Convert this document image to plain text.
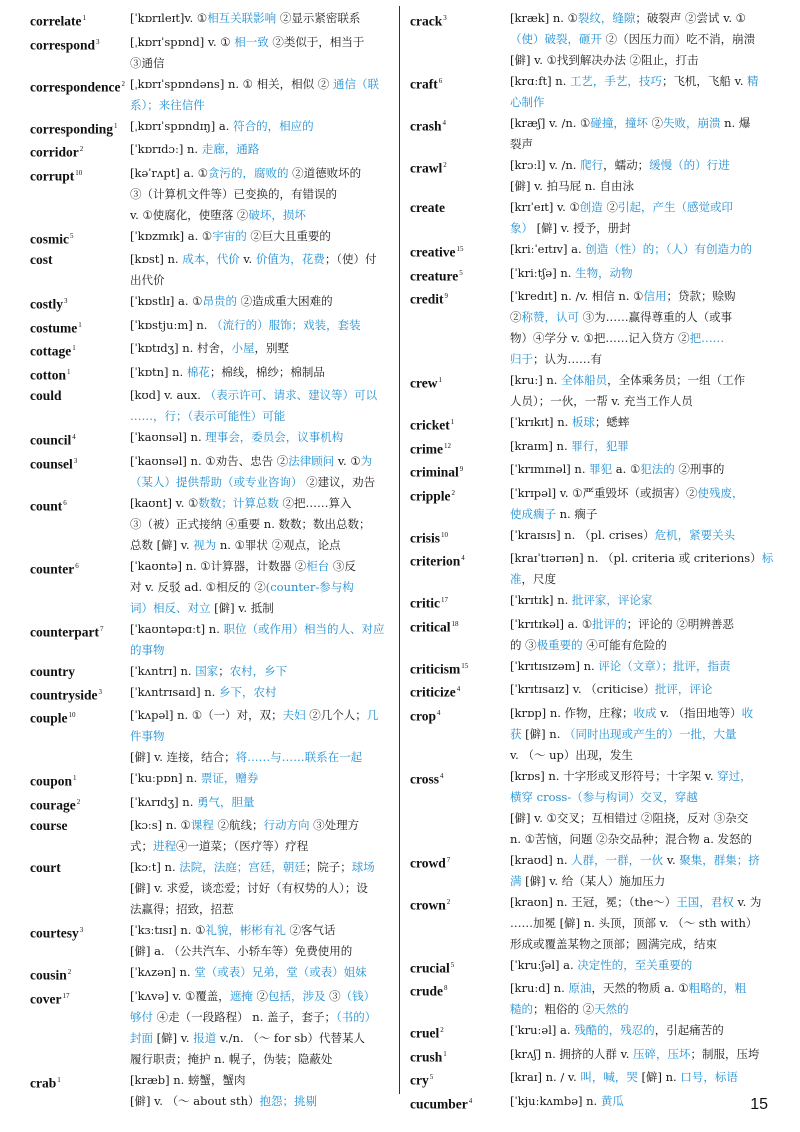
correlate$^1$	[ˈkɒrɪleɪt]v. ①相互关联影响 ②显示紧密联系
correspond$^3$	[ˌkɒrɪˈspɒnd] v. ① 相一致 ②类似于，相当于
③通信
correspondence$^2$ [ˌkɒrɪˈspɒndəns] n. ① 相关，相似 ② 通信（联
系）；来往信件
corresponding$^1$	[ˌkɒrɪˈspɒndɪŋ] a. 符合的，相应的
corridor$^2$	[ˈkɒrɪdɔː] n. 走廊，通路
corrupt$^{10}$	[kəˈrʌpt] a. ①贪污的，腐败的 ②道德败坏的
③（计算机文件等）已变换的，有错误的
v. ①使腐化，使堕落 ②破坏，损坏
cosmic$^5$	[ˈkɒzmɪk] a. ①宇宙的 ②巨大且重要的
cost	[kɒst] n. 成本，代价 v. 价值为，花费；（使）付
出代价
costly$^3$	[ˈkɒstlɪ] a. ①昂贵的 ②造成重大困难的
costume$^1$	[ˈkɒstjuːm] n. （流行的）服饰；戏装，套装
cottage$^1$	[ˈkɒtɪdʒ] n. 村舍，小屋，别墅
cotton$^1$	[ˈkɒtn] n. 棉花；棉线，棉纱；棉制品
could	[kʊd] v. aux. （表示许可、请求、建议等）可以
……，行；（表示可能性）可能
council$^4$	[ˈkaʊnsəl] n. 理事会，委员会，议事机构
counsel$^3$	[ˈkaʊnsəl] n. ①劝告、忠告 ②法律顾问 v. ①为
（某人）提供帮助（或专业咨询） ②建议，劝告
count$^6$	[kaʊnt] v. ①数数；计算总数 ②把……算入
③（被）正式接纳 ④重要 n. 数数；数出总数；
总数 [僻] v. 视为 n. ①罪状 ②观点，论点
counter$^6$	[ˈkaʊntə] n. ①计算器，计数器 ②柜台 ③反
对 v. 反驳 ad. ①相反的 ②(counter-参与构
词）相反、对立 [僻] v. 抵制
counterpart$^7$	[ˈkaʊntəpɑːt] n. 职位（或作用）相当的人、对应
的事物
country	[ˈkʌntrɪ] n. 国家；农村，乡下
countryside$^3$	[ˈkʌntrɪsaɪd] n. 乡下，农村
couple$^{10}$	[ˈkʌpəl] n. ①（一）对，双；夫妇 ②几个人；几
件事物
[僻] v. 连接，结合；将……与……联系在一起
coupon$^1$	[ˈkuːpɒn] n. 票证，赠券
courage$^2$	[ˈkʌrɪdʒ] n. 勇气，胆量
course	[kɔːs] n. ①课程 ②航线；行动方向 ③处理方
式；进程④一道菜；（医疗等）疗程
court	[kɔːt] n. 法院，法庭；宫廷，朝廷；院子；球场
[僻] v. 求爱，谈恋爱；讨好（有权势的人）；设
法赢得；招致，招惹
courtesy$^3$	[ˈkɜːtɪsɪ] n. ①礼貌，彬彬有礼 ②客气话
[僻] a. （公共汽车、小轿车等）免费使用的
cousin$^2$	[ˈkʌzən] n. 堂（或表）兄弟，堂（或表）姐妹
cover$^{17}$	[ˈkʌvə] v. ①覆盖，遮掩 ②包括，涉及 ③（钱）
够付 ④走（一段路程） n. 盖子，套子；（书的）
封面 [僻] v. 报道 v./n. （～ for sb）代替某人
履行职责；掩护 n. 幌子，伪装；隐蔽处
crab$^1$	[kræb] n. 螃蟹，蟹肉
[僻] v. （～ about sth）抱怨；挑剔
crack$^3$	[kræk] n. ①裂纹，缝隙；破裂声 ②尝试 v. ①
（使）破裂，砸开 ②（因压力而）吃不消，崩溃
[僻] v. ①找到解决办法 ②阻止，打击
craft$^6$	[krɑːft] n. 工艺，手艺，技巧；飞机，飞船 v. 精
心制作
crash$^4$	[kræʃ] v. /n. ①碰撞，撞坏 ②失败，崩溃 n. 爆
裂声
crawl$^2$	[krɔːl] v. /n. 爬行，蠕动；缓慢（的）行进
[僻] v. 拍马屁 n. 自由泳
create	[krɪˈeɪt] v. ①创造 ②引起，产生（感觉或印
象） [僻] v. 授予，册封
creative$^{15}$	[kriːˈeɪtɪv] a. 创造（性）的；（人）有创造力的
creature$^5$	[ˈkriːtʃə] n. 生物，动物
credit$^9$	[ˈkredɪt] n. /v. 相信 n. ①信用；贷款；赊购
②称赞，认可 ③为……赢得尊重的人（或事
物）④学分 v. ①把……记入贷方 ②把……
归于；认为……有
crew$^1$	[kruː] n. 全体船员，全体乘务员；一组（工作
人员）；一伙，一帮 v. 充当工作人员
cricket$^1$	[ˈkrɪkɪt] n. 板球；蟋蟀
crime$^{12}$	[kraɪm] n. 罪行，犯罪
criminal$^9$	[ˈkrɪmɪnəl] n. 罪犯 a. ①犯法的 ②刑事的
cripple$^2$	[ˈkrɪpəl] v. ①严重毁坏（或损害）②使残废，
使成瘸子 n. 瘸子
crisis$^{10}$	[ˈkraɪsɪs] n. （pl. crises）危机，紧要关头
criterion$^4$	[kraɪˈtɪərɪən] n. （pl. criteria 或 criterions）标
准，尺度
critic$^{17}$	[ˈkrɪtɪk] n. 批评家，评论家
critical$^{18}$	[ˈkrɪtɪkəl] a. ①批评的；评论的 ②明辨善恶
的 ③极重要的 ④可能有危险的
criticism$^{15}$	[ˈkrɪtɪsɪzəm] n. 评论（文章）；批评，指责
criticize$^4$	[ˈkrɪtɪsaɪz] v. （criticise）批评，评论
crop$^4$	[krɒp] n. 作物，庄稼；收成 v. （指田地等）收
获 [僻] n. （同时出现或产生的）一批，大量
v. （～ up）出现，发生
cross$^4$	[krɒs] n. 十字形或叉形符号；十字架 v. 穿过，
横穿 cross-（参与构词）交叉，穿越
[僻] v. ①交叉；互相错过 ②阻挠，反对 ③杂交
n. ①苦恼，问题 ②杂交品种；混合物 a. 发怒的
crowd$^7$	[kraʊd] n. 人群，一群，一伙 v. 聚集，群集；挤
满 [僻] v. 给（某人）施加压力
crown$^2$	[kraʊn] n. 王冠，冕；（the～）王国，君权 v. 为
……加冕 [僻] n. 头顶，顶部 v. （～ sth with）
形成或覆盖某物之顶部；圆满完成，结束
crucial$^5$	[ˈkruːʃəl] a. 决定性的，至关重要的
crude$^8$	[kruːd] n. 原油，天然的物质 a. ①粗略的，粗
糙的；粗俗的 ②天然的
cruel$^2$	[ˈkruːəl] a. 残酷的，残忍的，引起痛苦的
crush$^1$	[krʌʃ] n. 拥挤的人群 v. 压碎，压坏；制服，压垮
cry$^5$	[kraɪ] n. / v. 叫，喊，哭 [僻] n. 口号，标语
cucumber$^4$	[ˈkjuːkʌmbə] n. 黄瓜	15
